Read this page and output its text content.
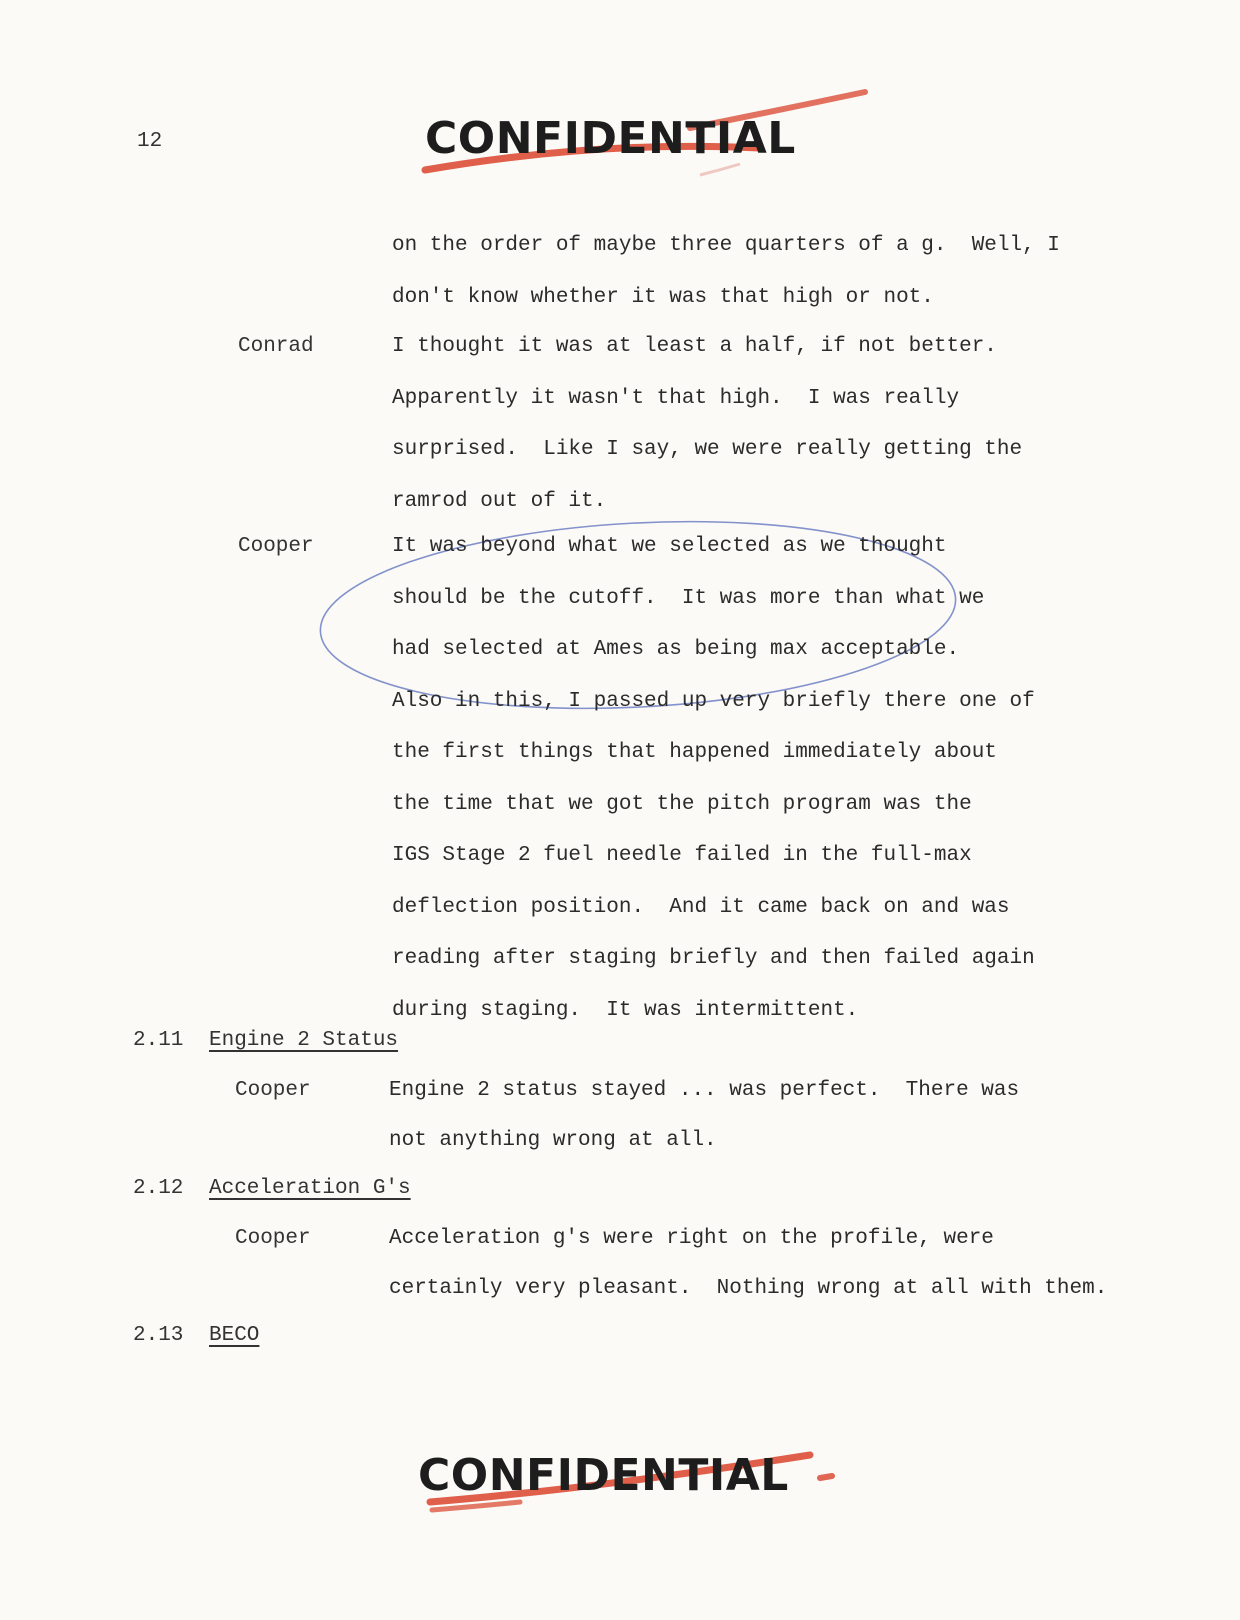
12	CONFIDENTIAL
on the order of maybe three quarters of a g.  Well, I
don't know whether it was that high or not.
Conrad	I thought it was at least a half, if not better.
Apparently it wasn't that high.  I was really
surprised.  Like I say, we were really getting the
ramrod out of it.
Cooper	It was beyond what we selected as we thought
should be the cutoff.  It was more than what we
had selected at Ames as being max acceptable.
Also in this, I passed up very briefly there one of
the first things that happened immediately about
the time that we got the pitch program was the
IGS Stage 2 fuel needle failed in the full-max
deflection position.  And it came back on and was
reading after staging briefly and then failed again
during staging.  It was intermittent.
2.11 Engine 2 Status
Cooper	Engine 2 status stayed ... was perfect.  There was
not anything wrong at all.
2.12 Acceleration G's
Cooper	Acceleration g's were right on the profile, were
certainly very pleasant.  Nothing wrong at all with them.
2.13 BECO
CONFIDENTIAL
